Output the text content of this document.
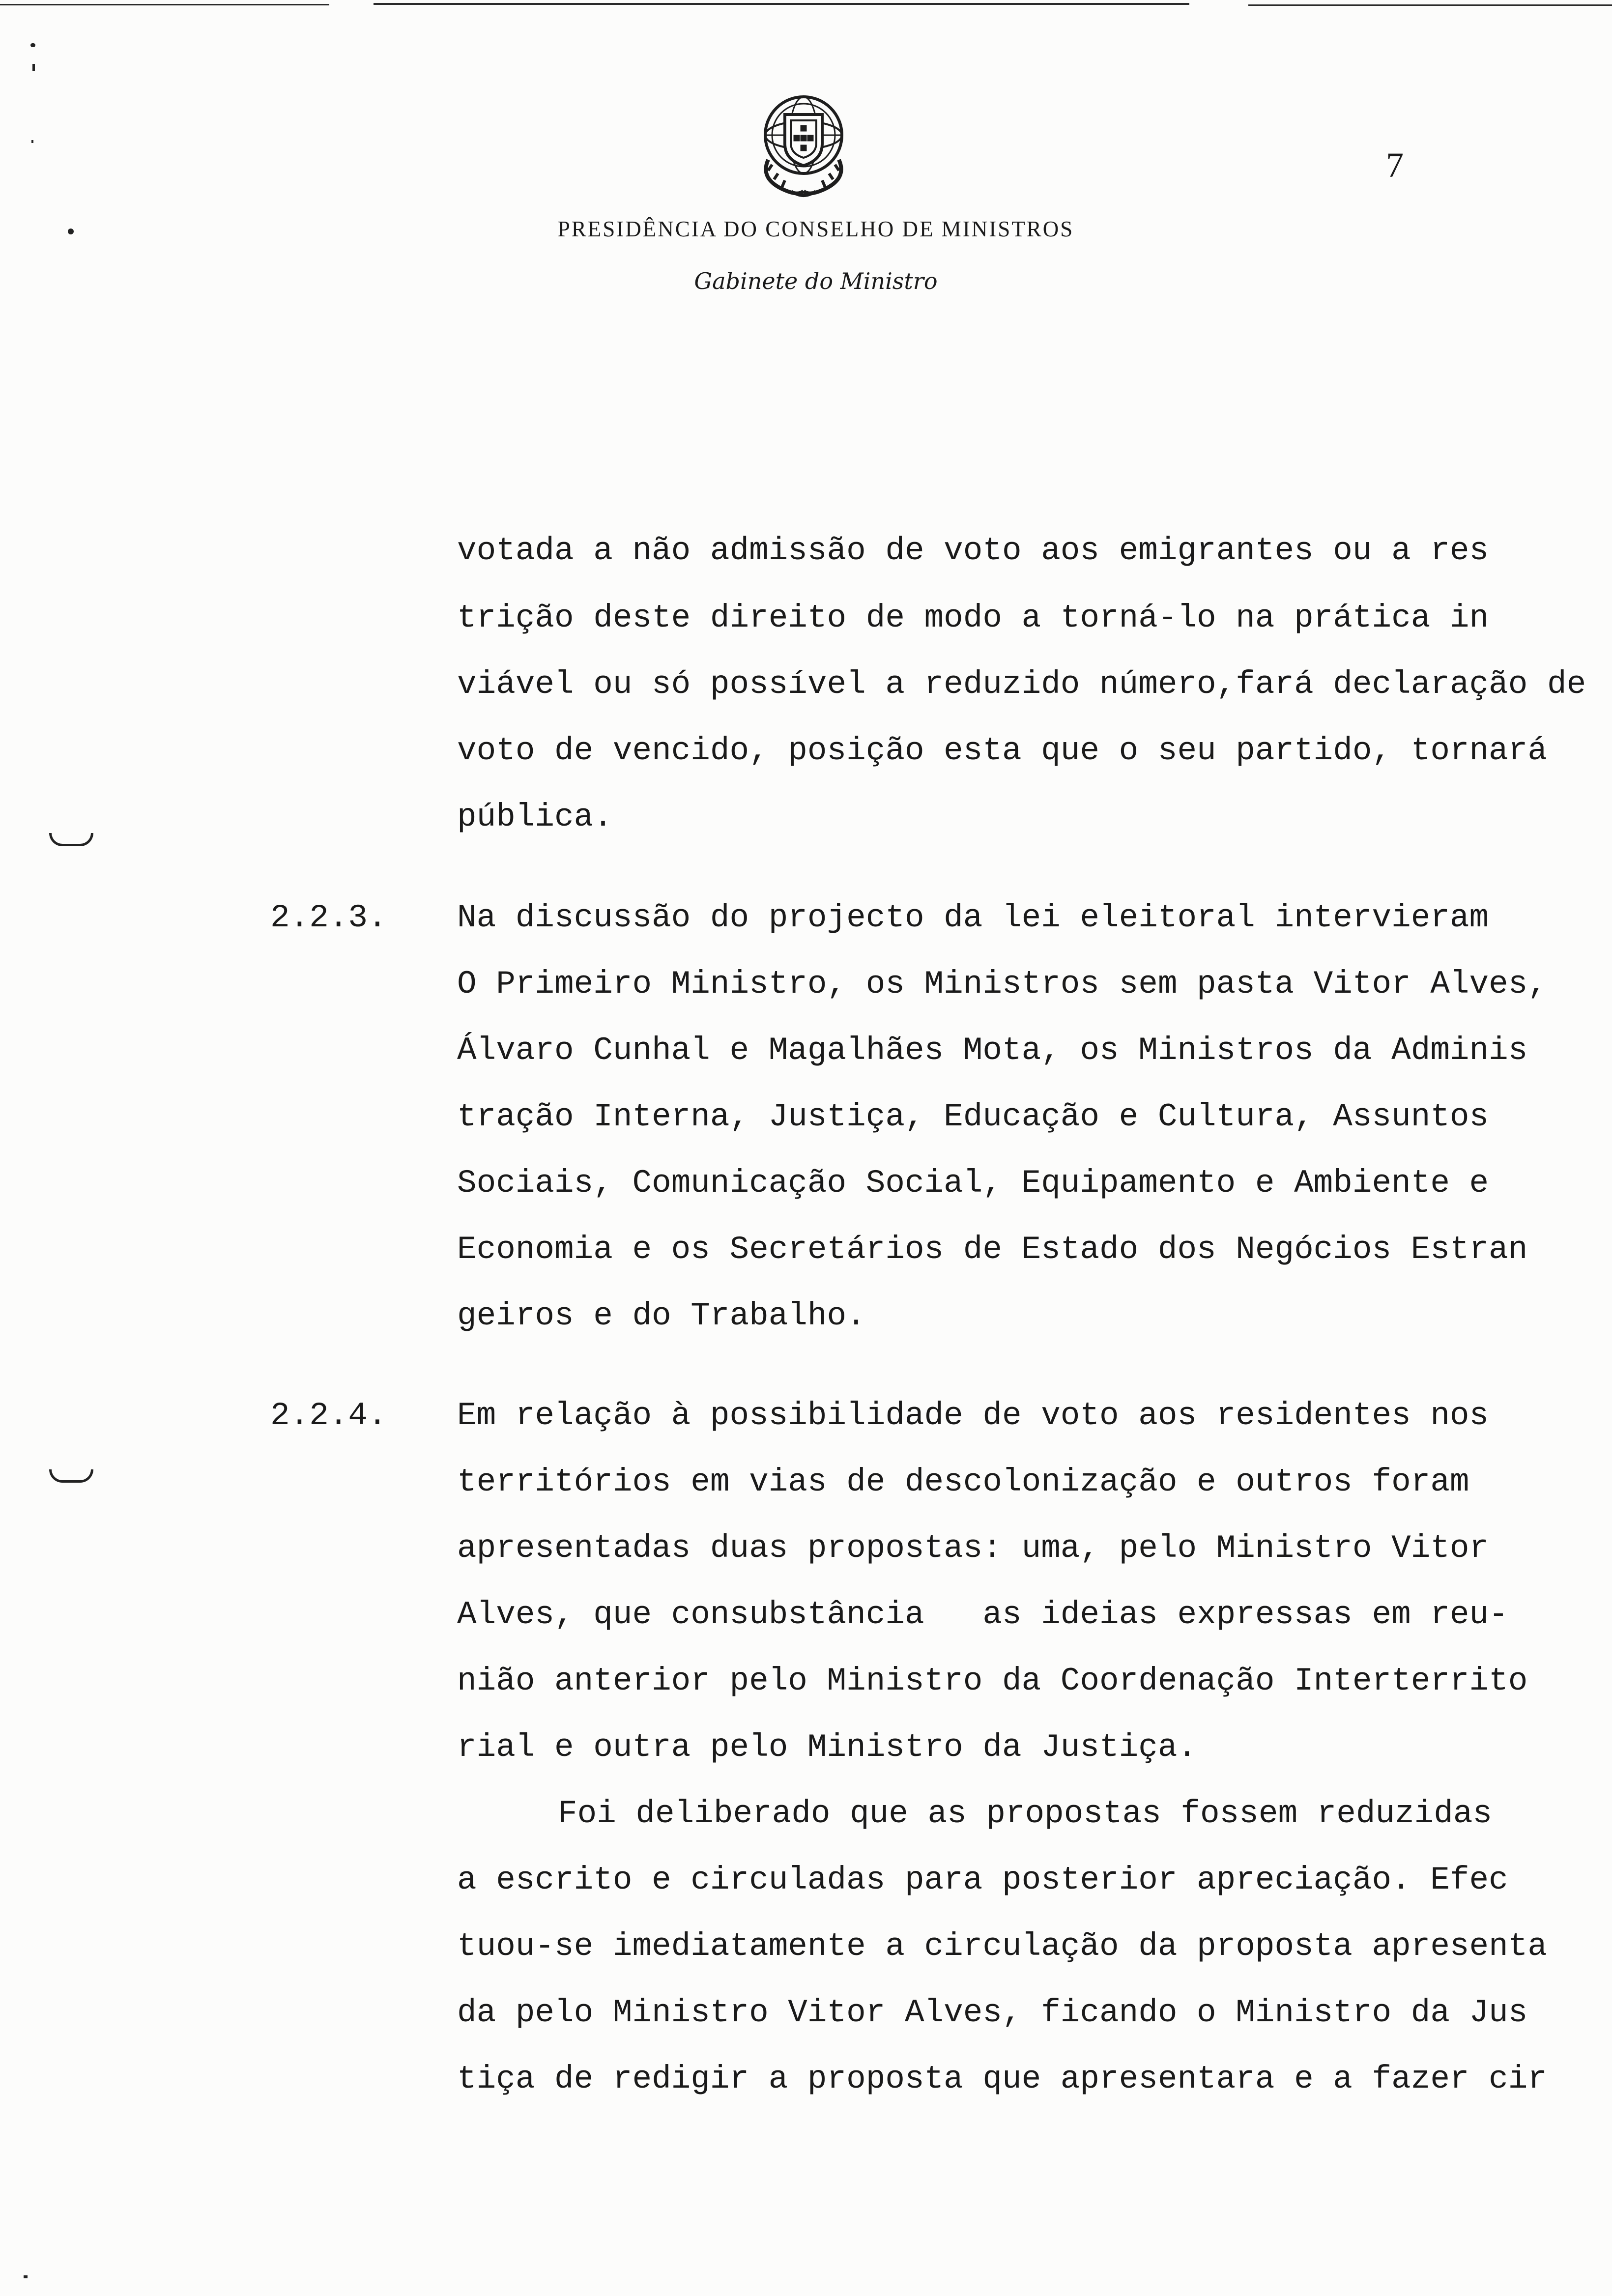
7
PRESIDÊNCIA DO CONSELHO DE MINISTROS
Gabinete do Ministro
votada a não admissão de voto aos emigrantes ou a res
trição deste direito de modo a torná-lo na prática in
viável ou só possível a reduzido número,fará declaração de
voto de vencido, posição esta que o seu partido, tornará
pública.
2.2.3. Na discussão do projecto da lei eleitoral intervieram
O Primeiro Ministro, os Ministros sem pasta Vitor Alves,
Álvaro Cunhal e Magalhães Mota, os Ministros da Adminis
tração Interna, Justiça, Educação e Cultura, Assuntos
Sociais, Comunicação Social, Equipamento e Ambiente e
Economia e os Secretários de Estado dos Negócios Estran
geiros e do Trabalho.
2.2.4. Em relação à possibilidade de voto aos residentes nos
territórios em vias de descolonização e outros foram
apresentadas duas propostas: uma, pelo Ministro Vitor
Alves, que consubstância   as ideias expressas em reu-
nião anterior pelo Ministro da Coordenação Interterrito
rial e outra pelo Ministro da Justiça.
Foi deliberado que as propostas fossem reduzidas
a escrito e circuladas para posterior apreciação. Efec
tuou-se imediatamente a circulação da proposta apresenta
da pelo Ministro Vitor Alves, ficando o Ministro da Jus
tiça de redigir a proposta que apresentara e a fazer cir
